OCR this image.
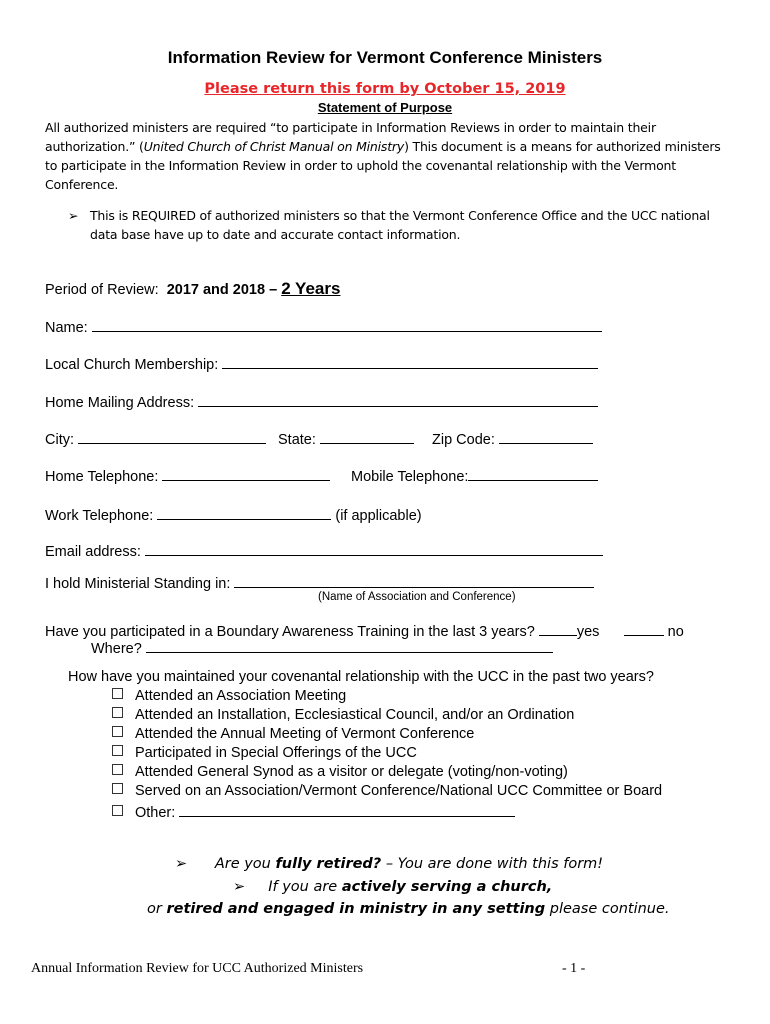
Information Review for Vermont Conference Ministers
Please return this form by October 15, 2019
Statement of Purpose
All authorized ministers are required “to participate in Information Reviews in order to maintain their authorization.” (United Church of Christ Manual on Ministry) This document is a means for authorized ministers to participate in the Information Review in order to uphold the covenantal relationship with the Vermont Conference.
➢ This is REQUIRED of authorized ministers so that the Vermont Conference Office and the UCC national data base have up to date and accurate contact information.
Period of Review: 2017 and 2018 – 2 Years
Name:
Local Church Membership:
Home Mailing Address:
City:	State:	Zip Code:
Home Telephone:	Mobile Telephone:
Work Telephone:	(if applicable)
Email address:
I hold Ministerial Standing in:
(Name of Association and Conference)
Have you participated in a Boundary Awareness Training in the last 3 years?	yes	no
Where?
How have you maintained your covenantal relationship with the UCC in the past two years?
Attended an Association Meeting
Attended an Installation, Ecclesiastical Council, and/or an Ordination
Attended the Annual Meeting of Vermont Conference
Participated in Special Offerings of the UCC
Attended General Synod as a visitor or delegate (voting/non-voting)
Served on an Association/Vermont Conference/National UCC Committee or Board
Other:
➢ Are you fully retired? – You are done with this form!
➢ If you are actively serving a church,
or retired and engaged in ministry in any setting please continue.
Annual Information Review for UCC Authorized Ministers	- 1 -
